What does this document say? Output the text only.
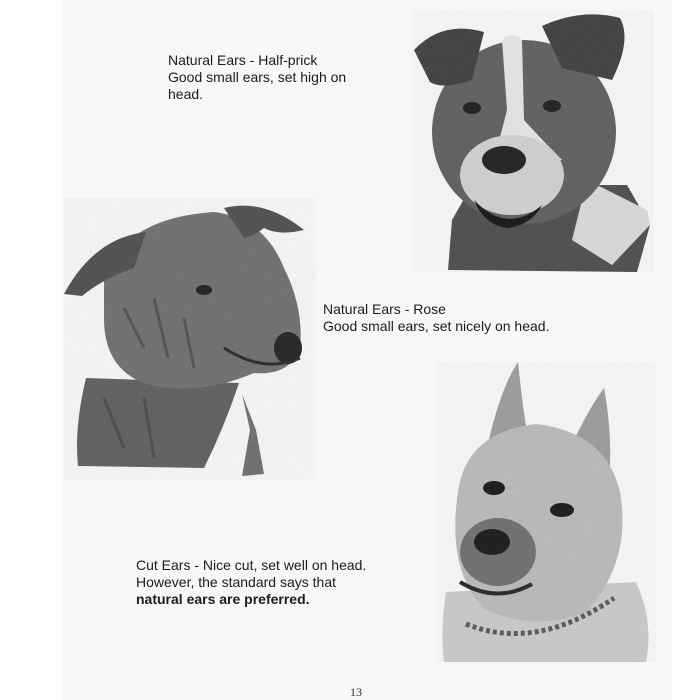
Natural Ears - Half-prick
Good small ears, set high on
head.
Natural Ears - Rose
Good small ears, set nicely on head.
Cut Ears - Nice cut, set well on head.
However, the standard says that
natural ears are preferred.
13
